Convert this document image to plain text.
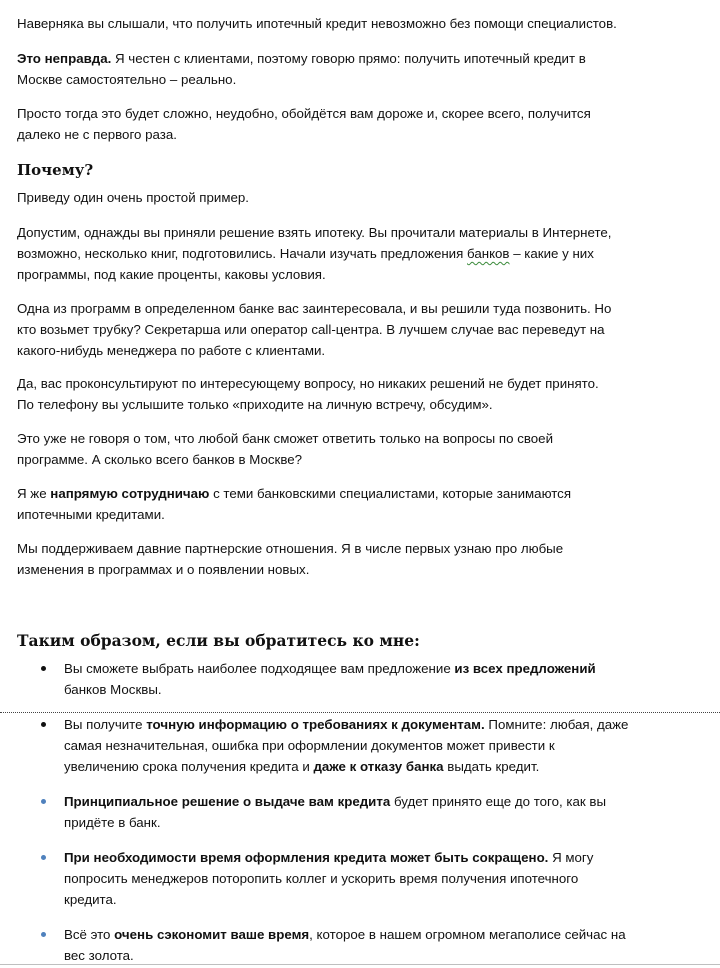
Наверняка вы слышали, что получить ипотечный кредит невозможно без помощи специалистов.

Это неправда. Я честен с клиентами, поэтому говорю прямо: получить ипотечный кредит в
Москве самостоятельно – реально.

Просто тогда это будет сложно, неудобно, обойдётся вам дороже и, скорее всего, получится
далеко не с первого раза.

Почему?

Приведу один очень простой пример.

Допустим, однажды вы приняли решение взять ипотеку. Вы прочитали материалы в Интернете,
возможно, несколько книг, подготовились. Начали изучать предложения банков – какие у них
программы, под какие проценты, каковы условия.

Одна из программ в определенном банке вас заинтересовала, и вы решили туда позвонить. Но
кто возьмет трубку? Секретарша или оператор call-центра. В лучшем случае вас переведут на
какого-нибудь менеджера по работе с клиентами.

Да, вас проконсультируют по интересующему вопросу, но никаких решений не будет принято.
По телефону вы услышите только «приходите на личную встречу, обсудим».

Это уже не говоря о том, что любой банк сможет ответить только на вопросы по своей
программе. А сколько всего банков в Москве?

Я же напрямую сотрудничаю с теми банковскими специалистами, которые занимаются
ипотечными кредитами.

Мы поддерживаем давние партнерские отношения. Я в числе первых узнаю про любые
изменения в программах и о появлении новых.

Таким образом, если вы обратитесь ко мне:
Вы сможете выбрать наиболее подходящее вам предложение из всех предложений
банков Москвы.
Вы получите точную информацию о требованиях к документам. Помните: любая, даже
самая незначительная, ошибка при оформлении документов может привести к
увеличению срока получения кредита и даже к отказу банка выдать кредит.
Принципиальное решение о выдаче вам кредита будет принято еще до того, как вы
придёте в банк.
При необходимости время оформления кредита может быть сокращено. Я могу
попросить менеджеров поторопить коллег и ускорить время получения ипотечного
кредита.
Всё это очень сэкономит ваше время, которое в нашем огромном мегаполисе сейчас на
вес золота.
